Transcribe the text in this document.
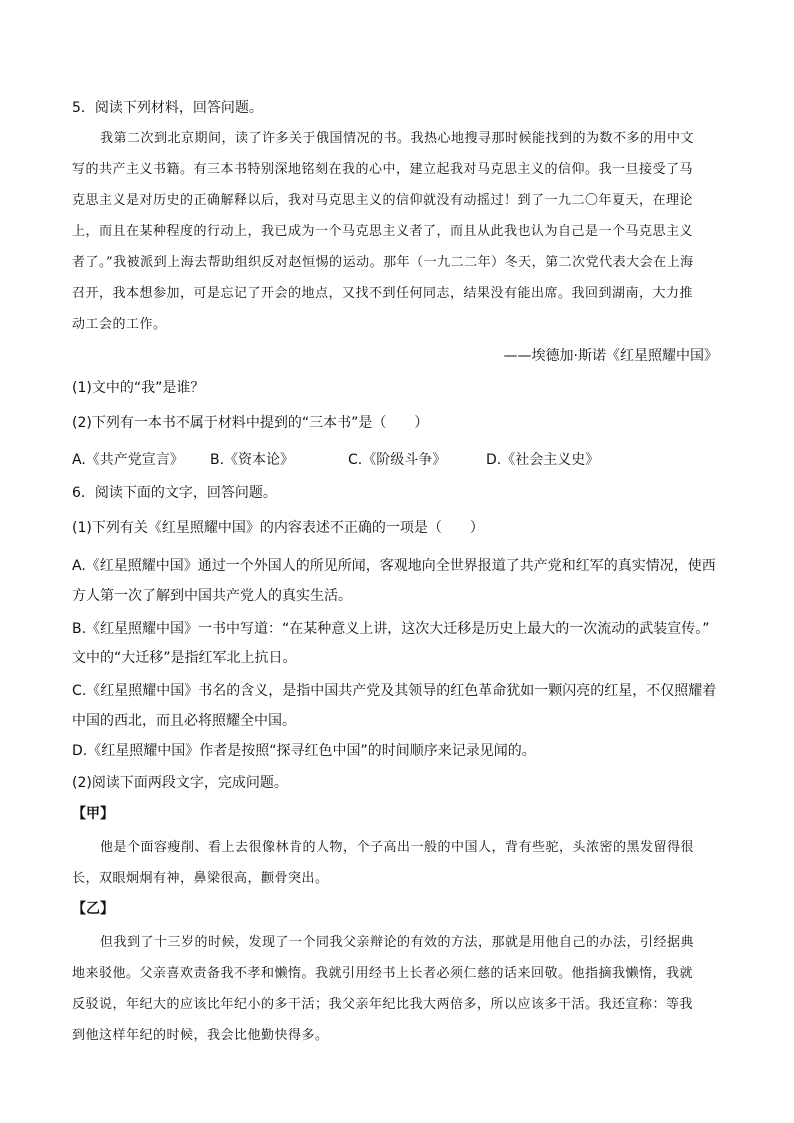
5．阅读下列材料，回答问题。
我第二次到北京期间，读了许多关于俄国情况的书。我热心地搜寻那时候能找到的为数不多的用中文
写的共产主义书籍。有三本书特别深地铭刻在我的心中，建立起我对马克思主义的信仰。我一旦接受了马
克思主义是对历史的正确解释以后，我对马克思主义的信仰就没有动摇过！到了一九二〇年夏天，在理论
上，而且在某种程度的行动上，我已成为一个马克思主义者了，而且从此我也认为自己是一个马克思主义
者了。”我被派到上海去帮助组织反对赵恒惕的运动。那年（一九二二年）冬天，第二次党代表大会在上海
召开，我本想参加，可是忘记了开会的地点，又找不到任何同志，结果没有能出席。我回到湖南，大力推
动工会的工作。
——埃德加·斯诺《红星照耀中国》
(1)文中的“我”是谁？
(2)下列有一本书不属于材料中提到的“三本书”是（　　）
A.《共产党宣言》 B.《资本论》	C.《阶级斗争》	D.《社会主义史》
6．阅读下面的文字，回答问题。
(1)下列有关《红星照耀中国》的内容表述不正确的一项是（　　）
A.《红星照耀中国》通过一个外国人的所见所闻，客观地向全世界报道了共产党和红军的真实情况，使西
方人第一次了解到中国共产党人的真实生活。
B.《红星照耀中国》一书中写道：“在某种意义上讲，这次大迁移是历史上最大的一次流动的武装宣传。”
文中的“大迁移”是指红军北上抗日。
C.《红星照耀中国》书名的含义，是指中国共产党及其领导的红色革命犹如一颗闪亮的红星，不仅照耀着
中国的西北，而且必将照耀全中国。
D.《红星照耀中国》作者是按照“探寻红色中国”的时间顺序来记录见闻的。
(2)阅读下面两段文字，完成问题。
【甲】
他是个面容瘦削、看上去很像林肯的人物，个子高出一般的中国人，背有些驼，头浓密的黑发留得很
长，双眼炯炯有神，鼻梁很高，颧骨突出。
【乙】
但我到了十三岁的时候，发现了一个同我父亲辩论的有效的方法，那就是用他自己的办法，引经据典
地来驳他。父亲喜欢责备我不孝和懒惰。我就引用经书上长者必须仁慈的话来回敬。他指摘我懒惰，我就
反驳说，年纪大的应该比年纪小的多干活；我父亲年纪比我大两倍多，所以应该多干活。我还宣称：等我
到他这样年纪的时候，我会比他勤快得多。
